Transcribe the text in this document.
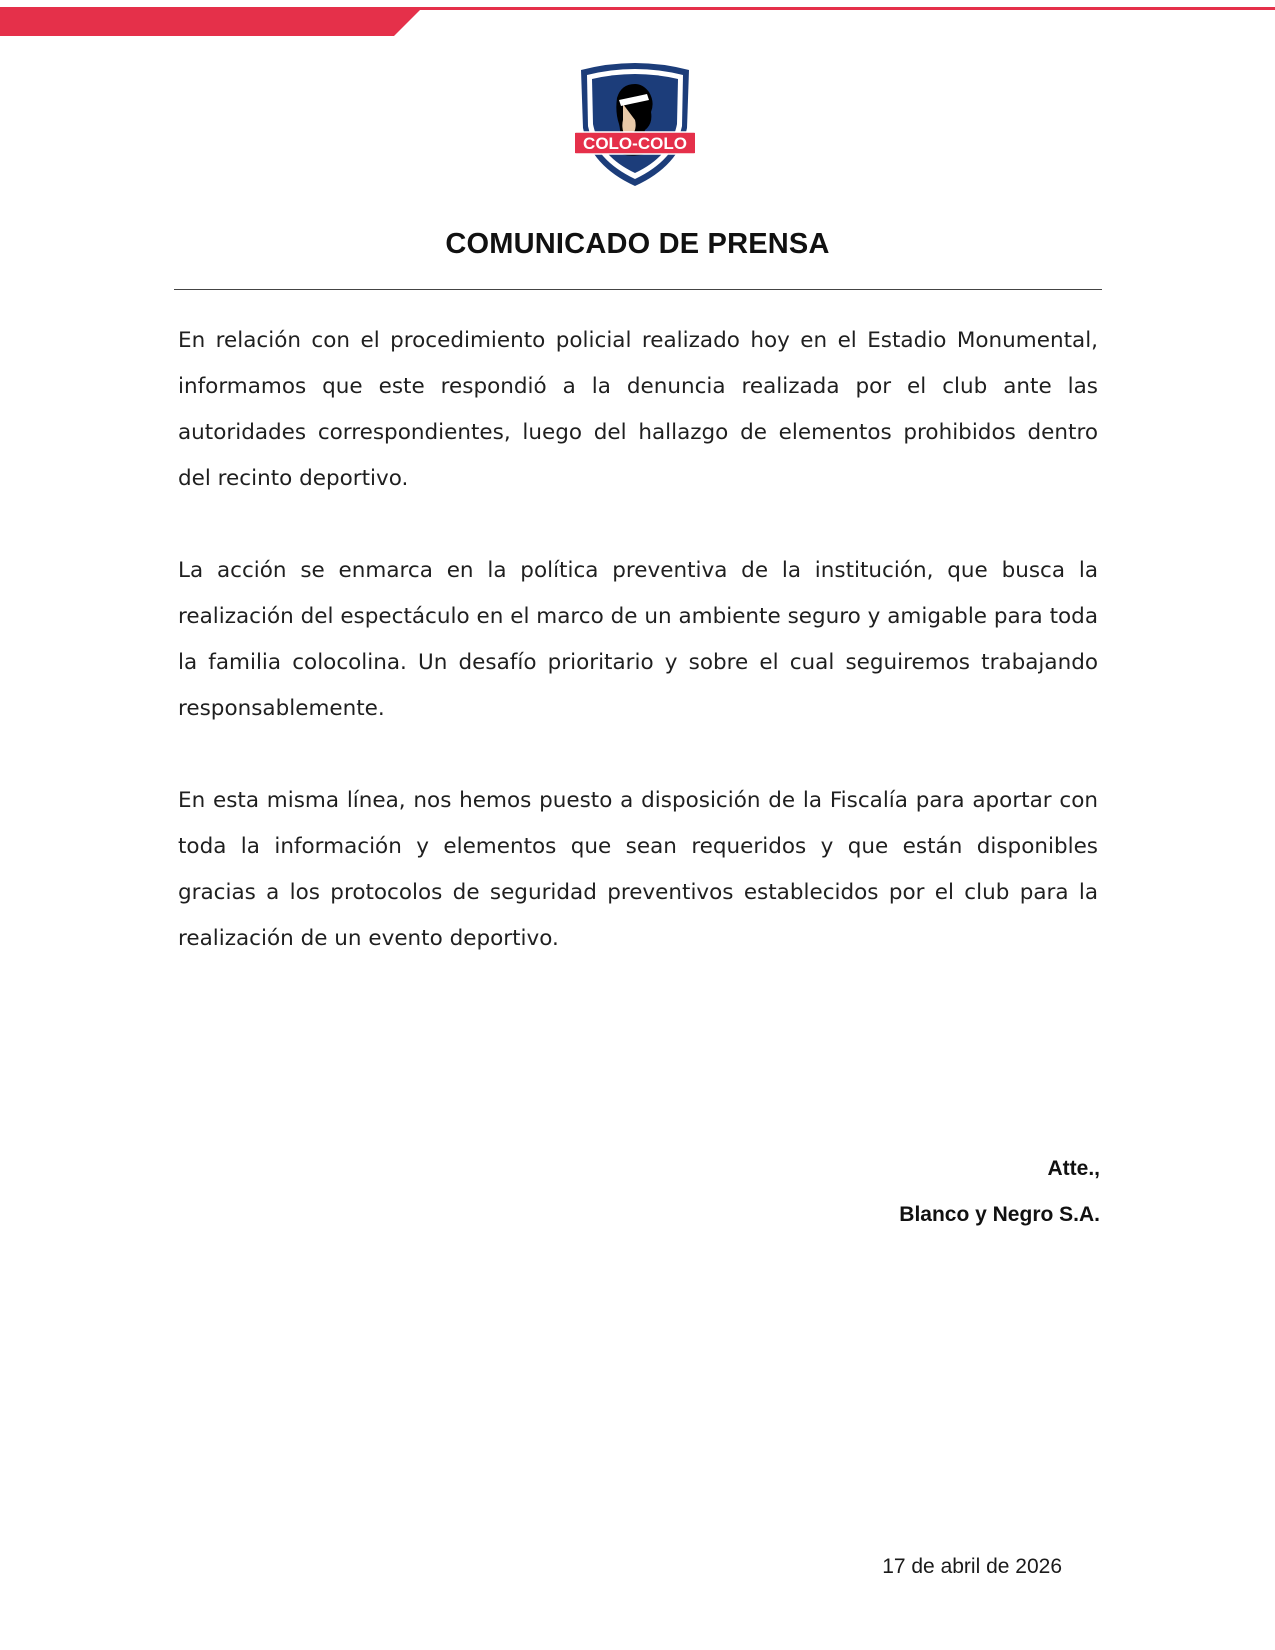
COLO-COLO
COMUNICADO DE PRENSA

En relación con el procedimiento policial realizado hoy en el Estadio Monumental, informamos que este respondió a la denuncia realizada por el club ante las autoridades correspondientes, luego del hallazgo de elementos prohibidos dentro del recinto deportivo.

La acción se enmarca en la política preventiva de la institución, que busca la realización del espectáculo en el marco de un ambiente seguro y amigable para toda la familia colocolina. Un desafío prioritario y sobre el cual seguiremos trabajando responsablemente.

En esta misma línea, nos hemos puesto a disposición de la Fiscalía para aportar con toda la información y elementos que sean requeridos y que están disponibles gracias a los protocolos de seguridad preventivos establecidos por el club para la realización de un evento deportivo.

Atte.,
Blanco y Negro S.A.
17 de abril de 2026
